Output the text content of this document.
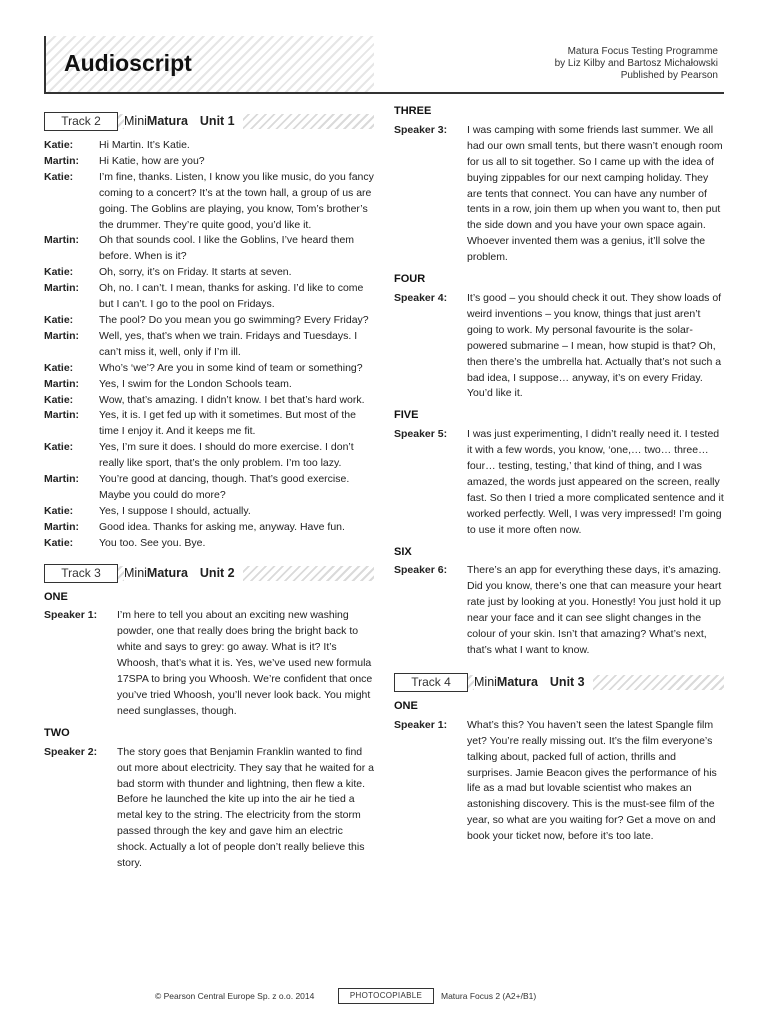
Audioscript	Matura Focus Testing Programme
by Liz Kilby and Bartosz Michałowski
Published by Pearson
Track 2	MiniMatura Unit 1
Katie:	Hi Martin. It’s Katie.
Martin:	Hi Katie, how are you?
Katie:	I’m fine, thanks. Listen, I know you like music, do you fancy coming to a concert? It’s at the town hall, a group of us are going. The Goblins are playing, you know, Tom’s brother’s the drummer. They’re quite good, you’d like it.
Martin:	Oh that sounds cool. I like the Goblins, I’ve heard them before. When is it?
Katie:	Oh, sorry, it’s on Friday. It starts at seven.
Martin:	Oh, no. I can’t. I mean, thanks for asking. I’d like to come but I can’t. I go to the pool on Fridays.
Katie:	The pool? Do you mean you go swimming? Every Friday?
Martin:	Well, yes, that’s when we train. Fridays and Tuesdays. I can’t miss it, well, only if I’m ill.
Katie:	Who’s ‘we’? Are you in some kind of team or something?
Martin:	Yes, I swim for the London Schools team.
Katie:	Wow, that’s amazing. I didn’t know. I bet that’s hard work.
Martin:	Yes, it is. I get fed up with it sometimes. But most of the time I enjoy it. And it keeps me fit.
Katie:	Yes, I’m sure it does. I should do more exercise. I don’t really like sport, that’s the only problem. I’m too lazy.
Martin:	You’re good at dancing, though. That’s good exercise. Maybe you could do more?
Katie:	Yes, I suppose I should, actually.
Martin:	Good idea. Thanks for asking me, anyway. Have fun.
Katie:	You too. See you. Bye.
Track 3	MiniMatura Unit 2
ONE
Speaker 1:	I’m here to tell you about an exciting new washing powder, one that really does bring the bright back to white and says to grey: go away. What is it? It’s Whoosh, that’s what it is. Yes, we’ve used new formula 17SPA to bring you Whoosh. We’re confident that once you’ve tried Whoosh, you’ll never look back. You might need sunglasses, though.
TWO
Speaker 2:	The story goes that Benjamin Franklin wanted to find out more about electricity. They say that he waited for a bad storm with thunder and lightning, then flew a kite. Before he launched the kite up into the air he tied a metal key to the string. The electricity from the storm passed through the key and gave him an electric shock. Actually a lot of people don’t really believe this story.
THREE
Speaker 3:	I was camping with some friends last summer. We all had our own small tents, but there wasn’t enough room for us all to sit together. So I came up with the idea of buying zippables for our next camping holiday. They are tents that connect. You can have any number of tents in a row, join them up when you want to, then put the side down and you have your own space again. Whoever invented them was a genius, it’ll solve the problem.
FOUR
Speaker 4:	It’s good – you should check it out. They show loads of weird inventions – you know, things that just aren’t going to work. My personal favourite is the solar-powered submarine – I mean, how stupid is that? Oh, then there’s the umbrella hat. Actually that’s not such a bad idea, I suppose… anyway, it’s on every Friday. You’d like it.
FIVE
Speaker 5:	I was just experimenting, I didn’t really need it. I tested it with a few words, you know, ‘one,… two… three… four… testing, testing,’ that kind of thing, and I was amazed, the words just appeared on the screen, really fast. So then I tried a more complicated sentence and it worked perfectly. Well, I was very impressed! I’m going to use it more often now.
SIX
Speaker 6:	There’s an app for everything these days, it’s amazing. Did you know, there’s one that can measure your heart rate just by looking at you. Honestly! You just hold it up near your face and it can see slight changes in the colour of your skin. Isn’t that amazing? What’s next, that’s what I want to know.
Track 4	MiniMatura Unit 3
ONE
Speaker 1:	What’s this? You haven’t seen the latest Spangle film yet? You’re really missing out. It’s the film everyone’s talking about, packed full of action, thrills and surprises. Jamie Beacon gives the performance of his life as a mad but lovable scientist who makes an astonishing discovery. This is the must-see film of the year, so what are you waiting for? Get a move on and book your ticket now, before it’s too late.
© Pearson Central Europe Sp. z o.o. 2014	PHOTOCOPIABLE	Matura Focus 2 (A2+/B1)
